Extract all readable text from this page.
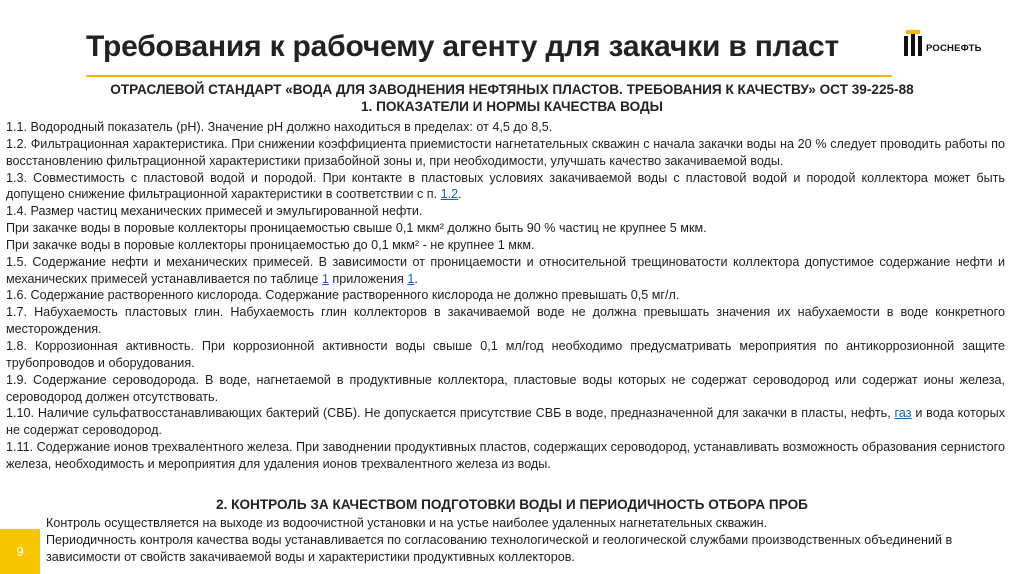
Требования к рабочему агенту для закачки в пласт	РОСНЕФТЬ
ОТРАСЛЕВОЙ СТАНДАРТ «ВОДА ДЛЯ ЗАВОДНЕНИЯ НЕФТЯНЫХ ПЛАСТОВ. ТРЕБОВАНИЯ К КАЧЕСТВУ» ОСТ 39-225-88
1. ПОКАЗАТЕЛИ И НОРМЫ КАЧЕСТВА ВОДЫ

1.1. Водородный показатель (pH). Значение pH должно находиться в пределах: от 4,5 до 8,5.

1.2. Фильтрационная характеристика. При снижении коэффициента приемистости нагнетательных скважин с начала закачки воды на 20 % следует проводить работы по восстановлению фильтрационной характеристики призабойной зоны и, при необходимости, улучшать качество закачиваемой воды.

1.3. Совместимость с пластовой водой и породой. При контакте в пластовых условиях закачиваемой воды с пластовой водой и породой коллектора может быть допущено снижение фильтрационной характеристики в соответствии с п. 1.2.

1.4. Размер частиц механических примесей и эмульгированной нефти.

При закачке воды в поровые коллекторы проницаемостью свыше 0,1 мкм² должно быть 90 % частиц не крупнее 5 мкм.

При закачке воды в поровые коллекторы проницаемостью до 0,1 мкм² - не крупнее 1 мкм.

1.5. Содержание нефти и механических примесей. В зависимости от проницаемости и относительной трещиноватости коллектора допустимое содержание нефти и механических примесей устанавливается по таблице 1 приложения 1.

1.6. Содержание растворенного кислорода. Содержание растворенного кислорода не должно превышать 0,5 мг/л.

1.7. Набухаемость пластовых глин. Набухаемость глин коллекторов в закачиваемой воде не должна превышать значения их набухаемости в воде конкретного месторождения.

1.8. Коррозионная активность. При коррозионной активности воды свыше 0,1 мл/год необходимо предусматривать мероприятия по антикоррозионной защите трубопроводов и оборудования.

1.9. Содержание сероводорода. В воде, нагнетаемой в продуктивные коллектора, пластовые воды которых не содержат сероводород или содержат ионы железа, сероводород должен отсутствовать.

1.10. Наличие сульфатвосстанавливающих бактерий (СВБ). Не допускается присутствие СВБ в воде, предназначенной для закачки в пласты, нефть, газ и вода которых не содержат сероводород.

1.11. Содержание ионов трехвалентного железа. При заводнении продуктивных пластов, содержащих сероводород, устанавливать возможность образования сернистого железа, необходимость и мероприятия для удаления ионов трехвалентного железа из воды.

2. КОНТРОЛЬ ЗА КАЧЕСТВОМ ПОДГОТОВКИ ВОДЫ И ПЕРИОДИЧНОСТЬ ОТБОРА ПРОБ

Контроль осуществляется на выходе из водоочистной установки и на устье наиболее удаленных нагнетательных скважин.

Периодичность контроля качества воды устанавливается по согласованию технологической и геологической службами производственных объединений в зависимости от свойств закачиваемой воды и характеристики продуктивных коллекторов.

9
